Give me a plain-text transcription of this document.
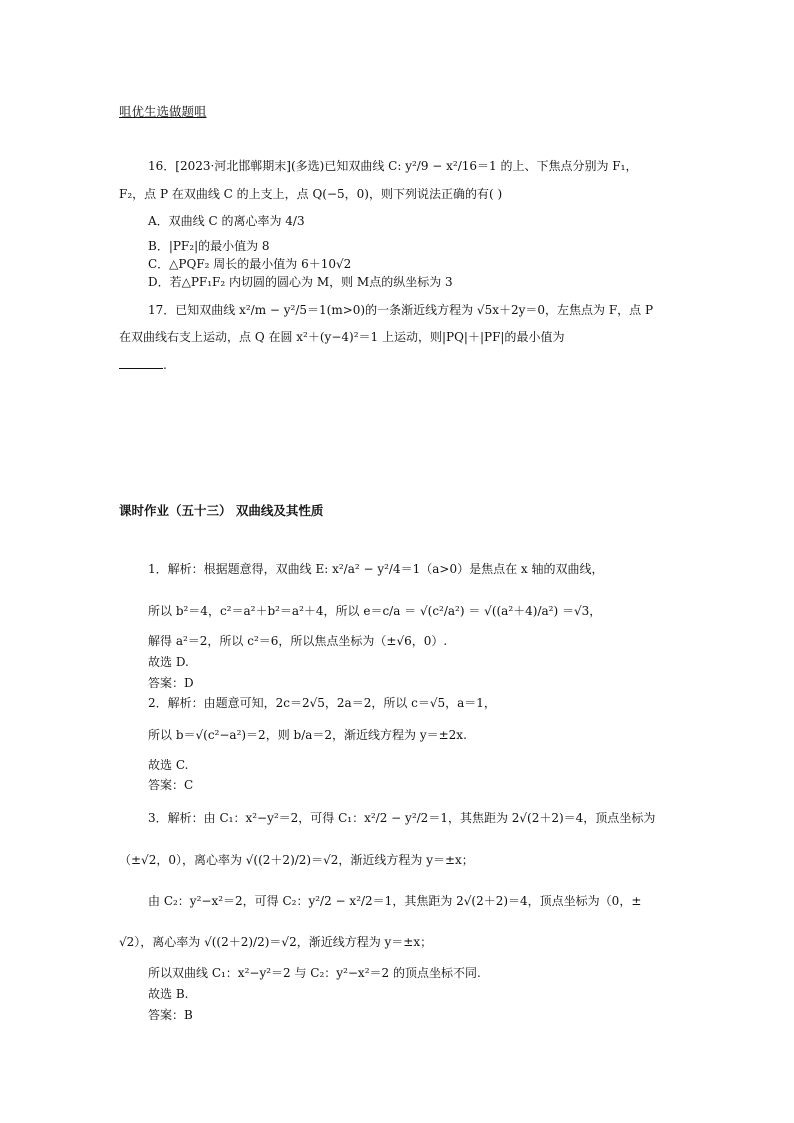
咀优生选做题咀
16．[2023·河北邯郸期末](多选)已知双曲线 C: y²/9 − x²/16＝1 的上、下焦点分别为 F₁，
F₂，点 P 在双曲线 C 的上支上，点 Q(−5，0)，则下列说法正确的有( )
A．双曲线 C 的离心率为 4/3
B．|PF₂|的最小值为 8
C．△PQF₂ 周长的最小值为 6＋10√2
D．若△PF₁F₂ 内切圆的圆心为 M，则 M点的纵坐标为 3
17．已知双曲线 x²/m − y²/5＝1(m>0)的一条渐近线方程为 √5x＋2y＝0，左焦点为 F，点 P
在双曲线右支上运动，点 Q 在圆 x²＋(y−4)²＝1 上运动，则|PQ|＋|PF|的最小值为
.
课时作业（五十三） 双曲线及其性质
1．解析：根据题意得，双曲线 E: x²/a² − y²/4＝1（a>0）是焦点在 x 轴的双曲线，
所以 b²＝4，c²＝a²＋b²＝a²＋4，所以 e＝c/a ＝ √(c²/a²) ＝ √((a²＋4)/a²) ＝√3，
解得 a²＝2，所以 c²＝6，所以焦点坐标为（±√6，0）.
故选 D.
答案：D
2．解析：由题意可知，2c＝2√5，2a＝2，所以 c＝√5，a＝1，
所以 b＝√(c²−a²)＝2，则 b/a＝2，渐近线方程为 y＝±2x.
故选 C.
答案：C
3．解析：由 C₁：x²−y²＝2，可得 C₁：x²/2 − y²/2＝1，其焦距为 2√(2＋2)＝4，顶点坐标为
（±√2，0），离心率为 √((2＋2)/2)＝√2，渐近线方程为 y＝±x；
由 C₂：y²−x²＝2，可得 C₂：y²/2 − x²/2＝1，其焦距为 2√(2＋2)＝4，顶点坐标为（0，±
√2），离心率为 √((2＋2)/2)＝√2，渐近线方程为 y＝±x；
所以双曲线 C₁：x²−y²＝2 与 C₂：y²−x²＝2 的顶点坐标不同.
故选 B.
答案：B
